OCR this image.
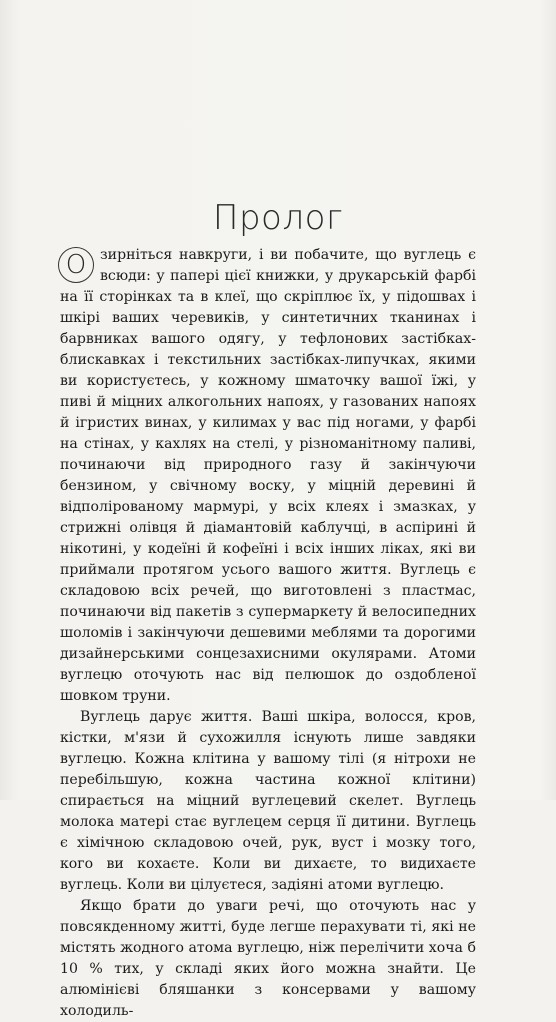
Пролог

О зирніться навкруги, і ви побачите, що вуглець є всюди: у папері цієї книжки, у друкарській фарбі на її сторінках та в клеї, що скріплює їх, у підошвах і шкірі ваших черевиків, у синтетичних тканинах і барвниках вашого одягу, у тефлонових застібках-блискавках і текстильних застібках-липучках, якими ви користуєтесь, у кожному шматочку вашої їжі, у пиві й міцних алкогольних напоях, у газованих напоях й ігристих винах, у килимах у вас під ногами, у фарбі на стінах, у кахлях на стелі, у різноманітному паливі, починаючи від природного газу й закінчуючи бензином, у свічному воску, у міцній деревині й відполірованому мармурі, у всіх клеях і змазках, у стрижні олівця й діамантовій каблучці, в аспірині й нікотині, у кодеїні й кофеїні і всіх інших ліках, які ви приймали протягом усього вашого життя. Вуглець є складовою всіх речей, що виготовлені з пластмас, починаючи від пакетів з супермаркету й велосипедних шоломів і закінчуючи дешевими меблями та дорогими дизайнерськими сонцезахисними окулярами. Атоми вуглецю оточують нас від пелюшок до оздобленої шовком труни.

Вуглець дарує життя. Ваші шкіра, волосся, кров, кістки, м'язи й сухожилля існують лише завдяки вуглецю. Кожна клітина у вашому тілі (я нітрохи не перебільшую, кожна частина кожної клітини) спирається на міцний вуглецевий скелет. Вуглець молока матері стає вуглецем серця її дитини. Вуглець є хімічною складовою очей, рук, вуст і мозку того, кого ви кохаєте. Коли ви дихаєте, то видихаєте вуглець. Коли ви цілуєтеся, задіяні атоми вуглецю.

Якщо брати до уваги речі, що оточують нас у повсякденному житті, буде легше перахувати ті, які не містять жодного атома вуглецю, ніж перелічити хоча б 10 % тих, у складі яких його можна знайти. Це алюмінієві бляшанки з консервами у вашому холодиль-
